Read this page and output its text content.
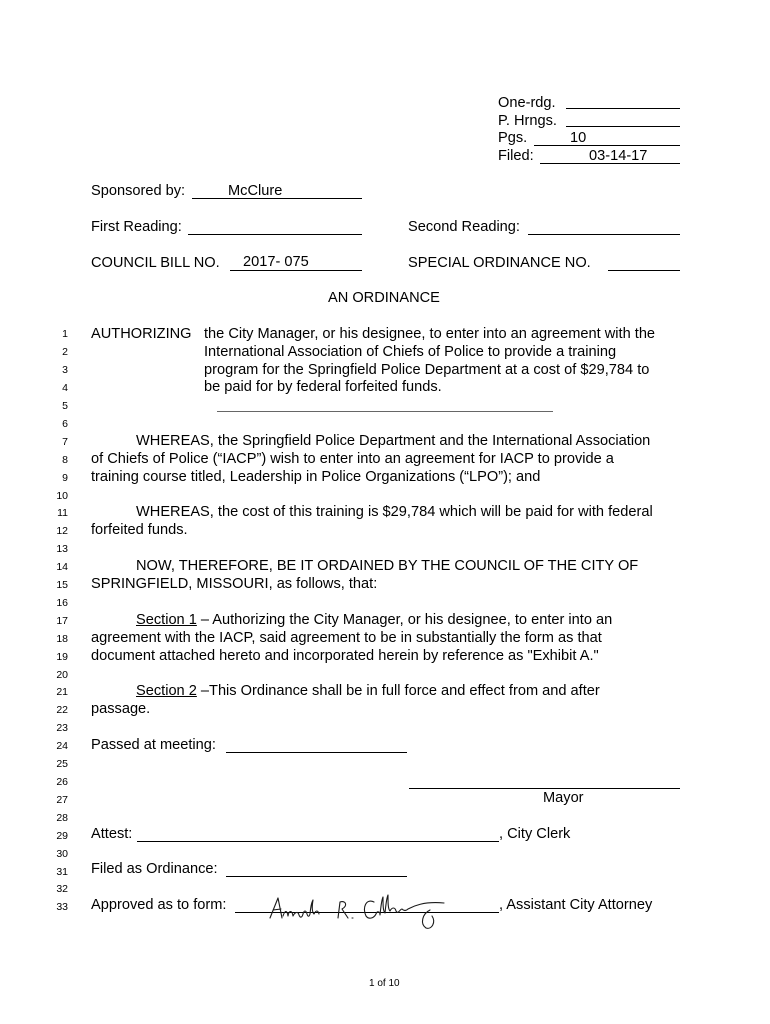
One-rdg.
P. Hrngs.
Pgs.	10
Filed:	03-14-17
Sponsored by:	McClure
First Reading:	Second Reading:
COUNCIL BILL NO. 2017- 075	SPECIAL ORDINANCE NO.
AN ORDINANCE
1
2
3
4
5
6
7
8
9
10
11
12
13
14
15
16
17
18
19
20
21
22
23
24
25
26
27
28
29
30
31
32
33
AUTHORIZING the City Manager, or his designee, to enter into an agreement with the
International Association of Chiefs of Police to provide a training
program for the Springfield Police Department at a cost of $29,784 to
be paid for by federal forfeited funds.
WHEREAS, the Springfield Police Department and the International Association
of Chiefs of Police (“IACP”) wish to enter into an agreement for IACP to provide a
training course titled, Leadership in Police Organizations (“LPO”); and
WHEREAS, the cost of this training is $29,784 which will be paid for with federal
forfeited funds.
NOW, THEREFORE, BE IT ORDAINED BY THE COUNCIL OF THE CITY OF
SPRINGFIELD, MISSOURI, as follows, that:
Section 1 – Authorizing the City Manager, or his designee, to enter into an
agreement with the IACP, said agreement to be in substantially the form as that
document attached hereto and incorporated herein by reference as "Exhibit A."
Section 2 –This Ordinance shall be in full force and effect from and after
passage.
Passed at meeting:
Mayor
Attest:	, City Clerk
Filed as Ordinance:
Approved as to form:	, Assistant City Attorney
1 of 10
